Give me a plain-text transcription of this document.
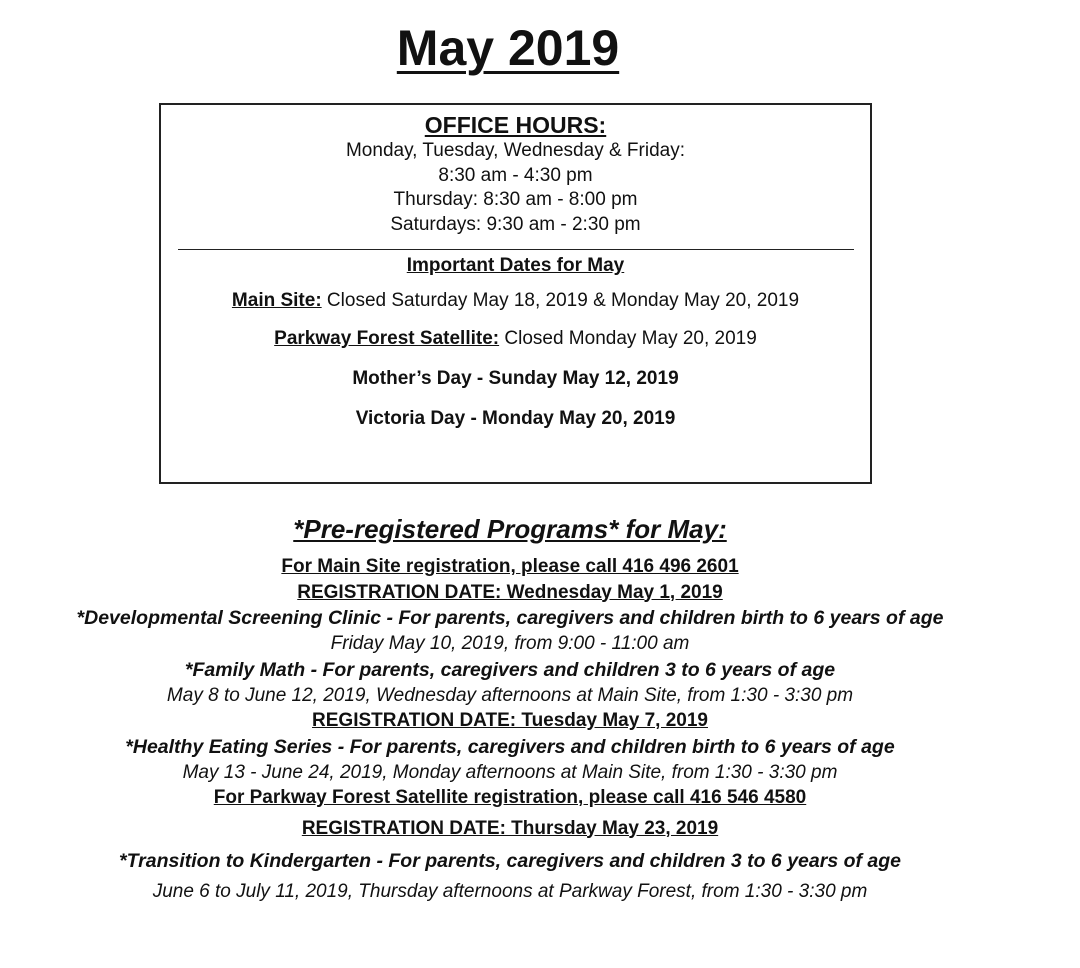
May 2019
OFFICE HOURS:
Monday, Tuesday, Wednesday & Friday:
8:30 am - 4:30 pm
Thursday: 8:30 am - 8:00 pm
Saturdays: 9:30 am - 2:30 pm
Important Dates for May
Main Site: Closed Saturday May 18, 2019 & Monday May 20, 2019
Parkway Forest Satellite: Closed Monday May 20, 2019
Mother’s Day - Sunday May 12, 2019
Victoria Day - Monday May 20, 2019
*Pre-registered Programs* for May:
For Main Site registration, please call 416 496 2601
REGISTRATION DATE: Wednesday May 1, 2019
*Developmental Screening Clinic - For parents, caregivers and children birth to 6 years of age
Friday May 10, 2019, from 9:00 - 11:00 am
*Family Math - For parents, caregivers and children 3 to 6 years of age
May 8 to June 12, 2019, Wednesday afternoons at Main Site, from 1:30 - 3:30 pm
REGISTRATION DATE: Tuesday May 7, 2019
*Healthy Eating Series - For parents, caregivers and children birth to 6 years of age
May 13 - June 24, 2019, Monday afternoons at Main Site, from 1:30 - 3:30 pm
For Parkway Forest Satellite registration, please call 416 546 4580
REGISTRATION DATE: Thursday May 23, 2019
*Transition to Kindergarten - For parents, caregivers and children 3 to 6 years of age
June 6 to July 11, 2019, Thursday afternoons at Parkway Forest, from 1:30 - 3:30 pm
